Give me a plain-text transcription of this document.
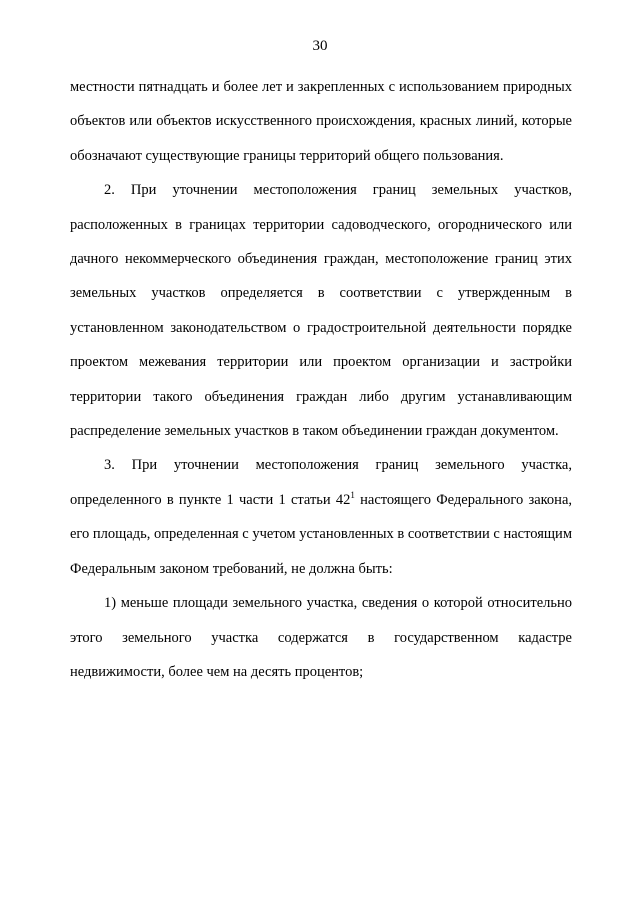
30

местности пятнадцать и более лет и закрепленных с использованием природных объектов или объектов искусственного происхождения, красных линий, которые обозначают существующие границы территорий общего пользования.

2. При уточнении местоположения границ земельных участков, расположенных в границах территории садоводческого, огороднического или дачного некоммерческого объединения граждан, местоположение границ этих земельных участков определяется в соответствии с утвержденным в установленном законодательством о градостроительной деятельности порядке проектом межевания территории или проектом организации и застройки территории такого объединения граждан либо другим устанавливающим распределение земельных участков в таком объединении граждан документом.

3. При уточнении местоположения границ земельного участка, определенного в пункте 1 части 1 статьи $42^1$ настоящего Федерального закона, его площадь, определенная с учетом установленных в соответствии с настоящим Федеральным законом требований, не должна быть:

1) меньше площади земельного участка, сведения о которой относительно этого земельного участка содержатся в государственном кадастре недвижимости, более чем на десять процентов;
